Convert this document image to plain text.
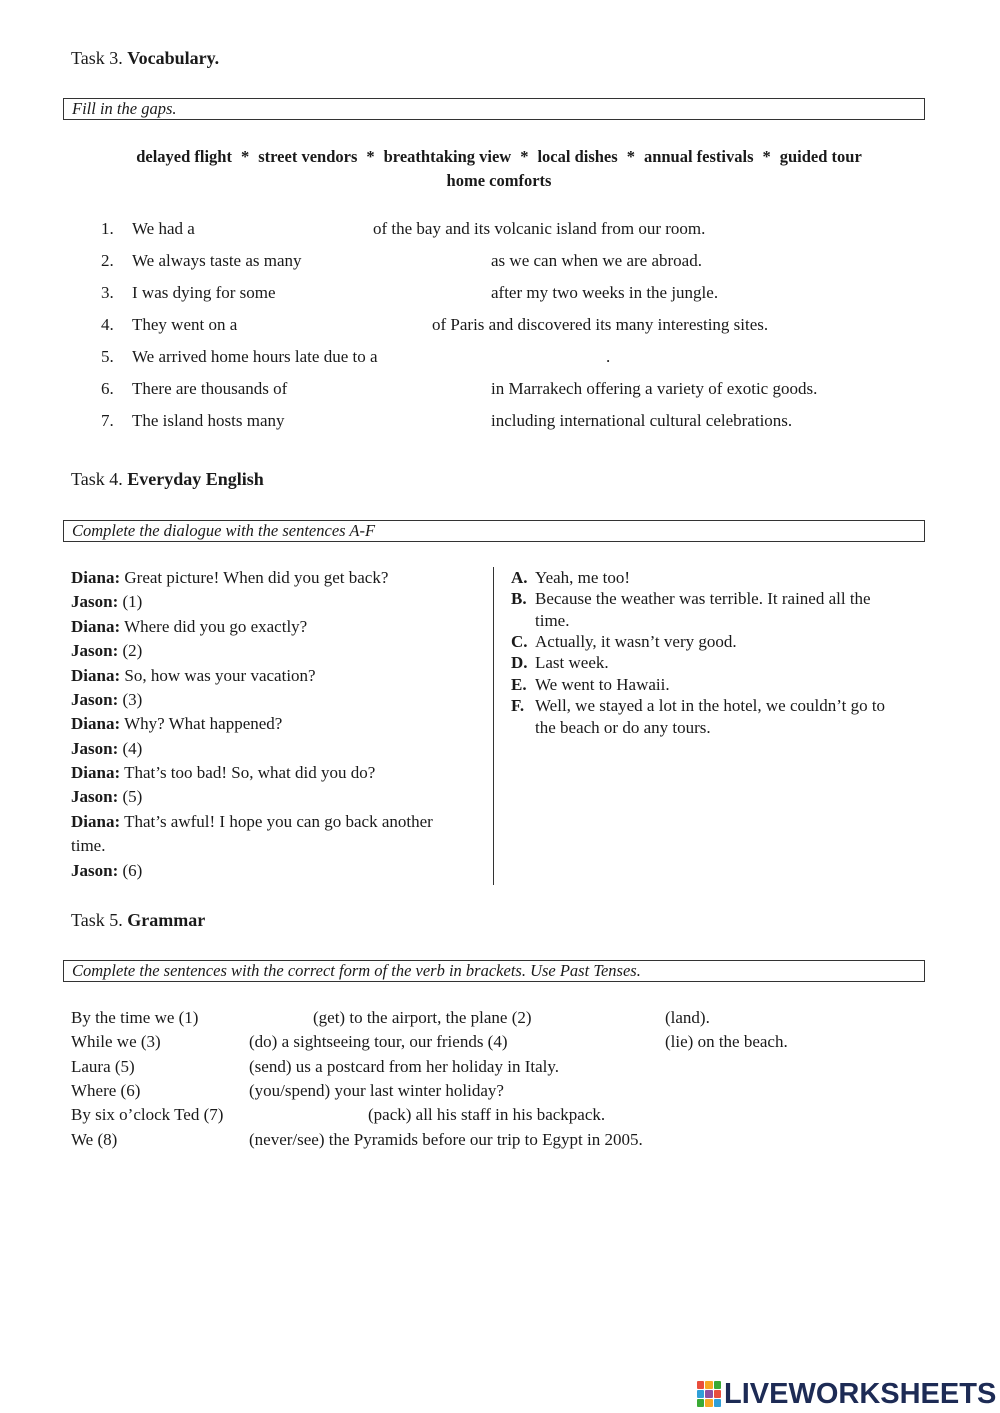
Task 3. Vocabulary.
Fill in the gaps.
delayed flight * street vendors * breathtaking view * local dishes * annual festivals * guided tour
home comforts
1. We had a	of the bay and its volcanic island from our room.
2. We always taste as many	as we can when we are abroad.
3. I was dying for some	after my two weeks in the jungle.
4. They went on a	of Paris and discovered its many interesting sites.
5. We arrived home hours late due to a	.
6. There are thousands of	in Marrakech offering a variety of exotic goods.
7. The island hosts many	including international cultural celebrations.
Task 4. Everyday English
Complete the dialogue with the sentences A-F
Diana: Great picture! When did you get back?
Jason: (1)
Diana: Where did you go exactly?
Jason: (2)
Diana: So, how was your vacation?
Jason: (3)
Diana: Why? What happened?
Jason: (4)
Diana: That’s too bad! So, what did you do?
Jason: (5)
Diana: That’s awful! I hope you can go back another
time.
Jason: (6)
A. Yeah, me too!
B. Because the weather was terrible. It rained all the time.
C. Actually, it wasn’t very good.
D. Last week.
E. We went to Hawaii.
F. Well, we stayed a lot in the hotel, we couldn’t go to the beach or do any tours.
Task 5. Grammar
Complete the sentences with the correct form of the verb in brackets. Use Past Tenses.
By the time we (1)	(get) to the airport, the plane (2)	(land).
While we (3)	(do) a sightseeing tour, our friends (4)	(lie) on the beach.
Laura (5)	(send) us a postcard from her holiday in Italy.
Where (6)	(you/spend) your last winter holiday?
By six o’clock Ted (7)	(pack) all his staff in his backpack.
We (8)	(never/see) the Pyramids before our trip to Egypt in 2005.
LIVEWORKSHEETS
